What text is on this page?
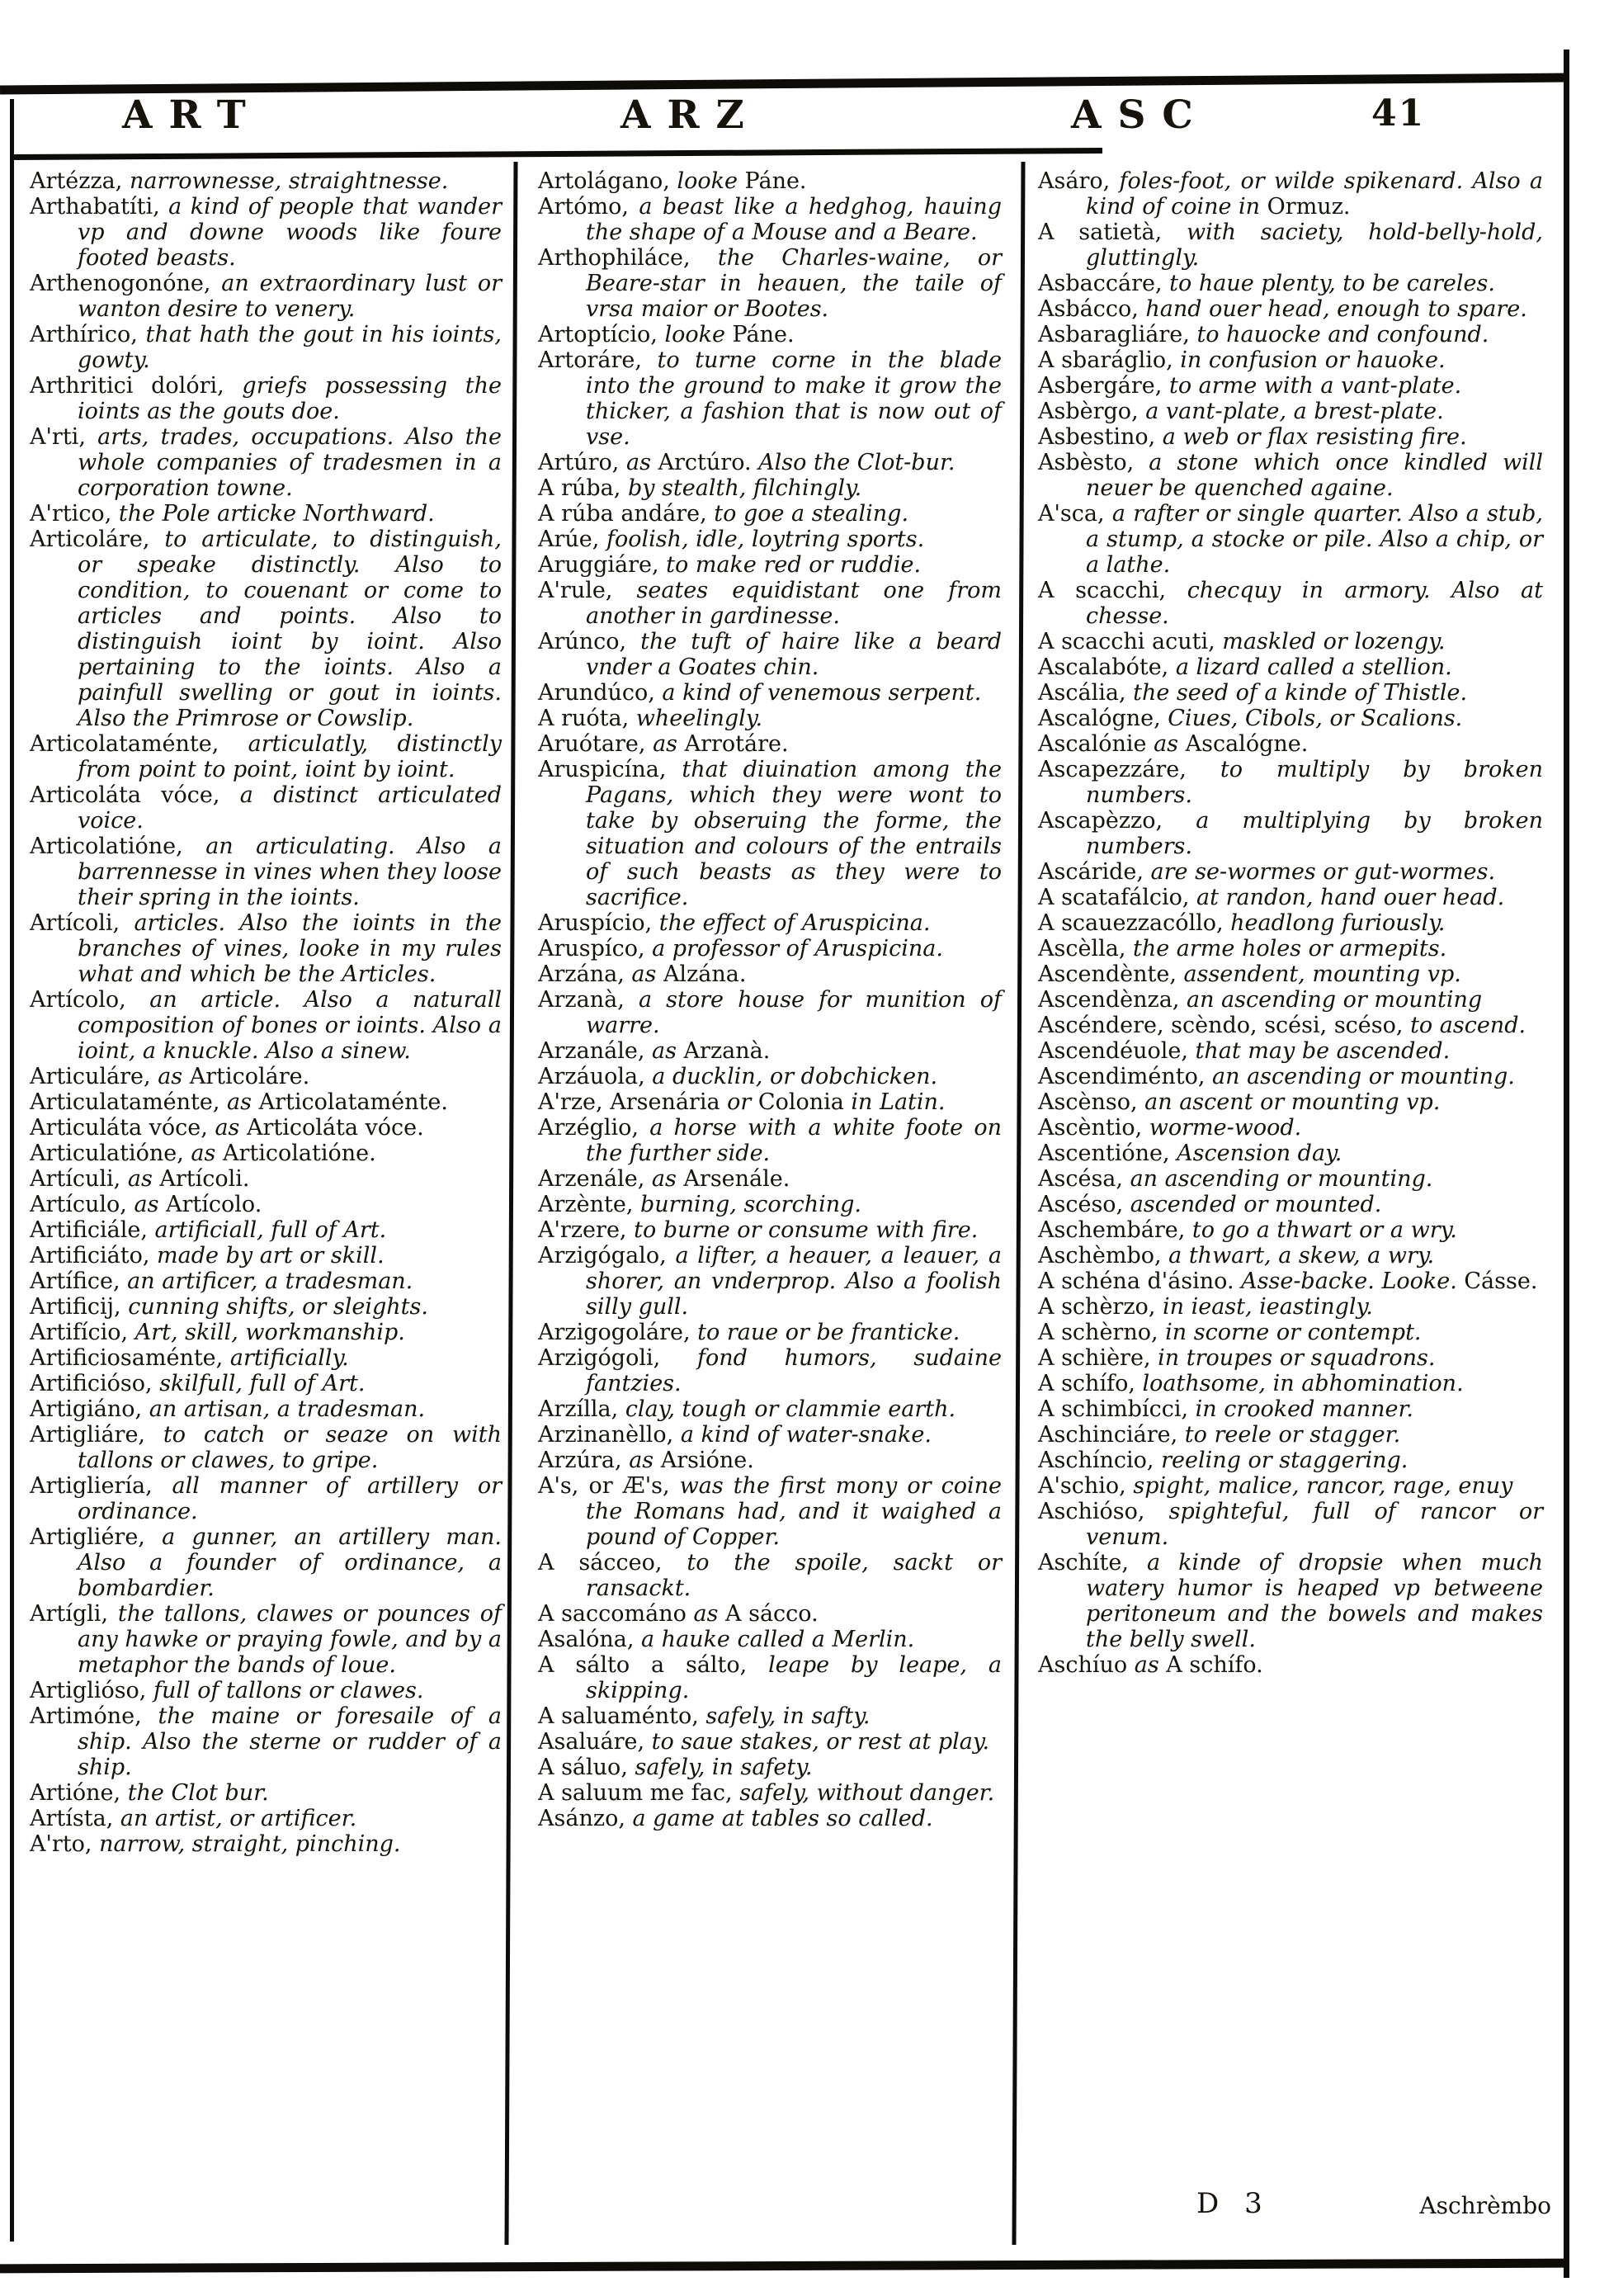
ART	ARZ	ASC	41

Artézza, narrownesse, straightnesse.

Arthabatíti, a kind of people that wander vp and downe woods like foure footed beasts.

Arthenogonóne, an extraordinary lust or wanton desire to venery.

Arthírico, that hath the gout in his ioints, gowty.

Arthritici dolóri, griefs possessing the ioints as the gouts doe.

A'rti, arts, trades, occupations. Also the whole companies of tradesmen in a corporation towne.

A'rtico, the Pole articke Northward.

Articoláre, to articulate, to distinguish, or speake distinctly. Also to condition, to couenant or come to articles and points. Also to distinguish ioint by ioint. Also pertaining to the ioints. Also a painfull swelling or gout in ioints. Also the Primrose or Cowslip.

Articolataménte, articulatly, distinctly from point to point, ioint by ioint.

Articoláta vóce, a distinct articulated voice.

Articolatióne, an articulating. Also a barrennesse in vines when they loose their spring in the ioints.

Artícoli, articles. Also the ioints in the branches of vines, looke in my rules what and which be the Articles.

Artícolo, an article. Also a naturall composition of bones or ioints. Also a ioint, a knuckle. Also a sinew.

Articuláre, as Articoláre.

Articulataménte, as Articolataménte.

Articuláta vóce, as Articoláta vóce.

Articulatióne, as Articolatióne.

Artículi, as Artícoli.

Artículo, as Artícolo.

Artificiále, artificiall, full of Art.

Artificiáto, made by art or skill.

Artífice, an artificer, a tradesman.

Artificij, cunning shifts, or sleights.

Artifício, Art, skill, workmanship.

Artificiosaménte, artificially.

Artificióso, skilfull, full of Art.

Artigiáno, an artisan, a tradesman.

Artigliáre, to catch or seaze on with tallons or clawes, to gripe.

Artigliería, all manner of artillery or ordinance.

Artigliére, a gunner, an artillery man. Also a founder of ordinance, a bombardier.

Artígli, the tallons, clawes or pounces of any hawke or praying fowle, and by a metaphor the bands of loue.

Artiglióso, full of tallons or clawes.

Artimóne, the maine or foresaile of a ship. Also the sterne or rudder of a ship.

Artióne, the Clot bur.

Artísta, an artist, or artificer.

A'rto, narrow, straight, pinching.

Artolágano, looke Páne.

Artómo, a beast like a hedghog, hauing the shape of a Mouse and a Beare.

Arthophiláce, the Charles-waine, or Beare-star in heauen, the taile of vrsa maior or Bootes.

Artoptício, looke Páne.

Artoráre, to turne corne in the blade into the ground to make it grow the thicker, a fashion that is now out of vse.

Artúro, as Arctúro. Also the Clot-bur.

A rúba, by stealth, filchingly.

A rúba andáre, to goe a stealing.

Arúe, foolish, idle, loytring sports.

Aruggiáre, to make red or ruddie.

A'rule, seates equidistant one from another in gardinesse.

Arúnco, the tuft of haire like a beard vnder a Goates chin.

Arundúco, a kind of venemous serpent.

A ruóta, wheelingly.

Aruótare, as Arrotáre.

Aruspicína, that diuination among the Pagans, which they were wont to take by obseruing the forme, the situation and colours of the entrails of such beasts as they were to sacrifice.

Aruspício, the effect of Aruspicina.

Aruspíco, a professor of Aruspicina.

Arzána, as Alzána.

Arzanà, a store house for munition of warre.

Arzanále, as Arzanà.

Arzáuola, a ducklin, or dobchicken.

A'rze, Arsenária or Colonia in Latin.

Arzéglio, a horse with a white foote on the further side.

Arzenále, as Arsenále.

Arzènte, burning, scorching.

A'rzere, to burne or consume with fire.

Arzigógalo, a lifter, a heauer, a leauer, a shorer, an vnderprop. Also a foolish silly gull.

Arzigogoláre, to raue or be franticke.

Arzigógoli, fond humors, sudaine fantzies.

Arzílla, clay, tough or clammie earth.

Arzinanèllo, a kind of water-snake.

Arzúra, as Arsióne.

A's, or Æ's, was the first mony or coine the Romans had, and it waighed a pound of Copper.

A sácceo, to the spoile, sackt or ransackt.

A saccománo as A sácco.

Asalóna, a hauke called a Merlin.

A sálto a sálto, leape by leape, a skipping.

A saluaménto, safely, in safty.

Asaluáre, to saue stakes, or rest at play.

A sáluo, safely, in safety.

A saluum me fac, safely, without danger.

Asánzo, a game at tables so called.

Asáro, foles-foot, or wilde spikenard. Also a kind of coine in Ormuz.

A satietà, with saciety, hold-belly-hold, gluttingly.

Asbaccáre, to haue plenty, to be careles.

Asbácco, hand ouer head, enough to spare.

Asbaragliáre, to hauocke and confound.

A sbaráglio, in confusion or hauoke.

Asbergáre, to arme with a vant-plate.

Asbèrgo, a vant-plate, a brest-plate.

Asbestino, a web or flax resisting fire.

Asbèsto, a stone which once kindled will neuer be quenched againe.

A'sca, a rafter or single quarter. Also a stub, a stump, a stocke or pile. Also a chip, or a lathe.

A scacchi, checquy in armory. Also at chesse.

A scacchi acuti, maskled or lozengy.

Ascalabóte, a lizard called a stellion.

Ascália, the seed of a kinde of Thistle.

Ascalógne, Ciues, Cibols, or Scalions.

Ascalónie as Ascalógne.

Ascapezzáre, to multiply by broken numbers.

Ascapèzzo, a multiplying by broken numbers.

Ascáride, are se-wormes or gut-wormes.

A scatafálcio, at randon, hand ouer head.

A scauezzacóllo, headlong furiously.

Ascèlla, the arme holes or armepits.

Ascendènte, assendent, mounting vp.

Ascendènza, an ascending or mounting

Ascéndere, scèndo, scési, scéso, to ascend.

Ascendéuole, that may be ascended.

Ascendiménto, an ascending or mounting.

Ascènso, an ascent or mounting vp.

Ascèntio, worme-wood.

Ascentióne, Ascension day.

Ascésa, an ascending or mounting.

Ascéso, ascended or mounted.

Aschembáre, to go a thwart or a wry.

Aschèmbo, a thwart, a skew, a wry.

A schéna d'ásino. Asse-backe. Looke. Cásse.

A schèrzo, in ieast, ieastingly.

A schèrno, in scorne or contempt.

A schière, in troupes or squadrons.

A schífo, loathsome, in abhomination.

A schimbícci, in crooked manner.

Aschinciáre, to reele or stagger.

Aschíncio, reeling or staggering.

A'schio, spight, malice, rancor, rage, enuy

Aschióso, spighteful, full of rancor or venum.

Aschíte, a kinde of dropsie when much watery humor is heaped vp betweene peritoneum and the bowels and makes the belly swell.

Aschíuo as A schífo.

D 3	Aschrèmbo
